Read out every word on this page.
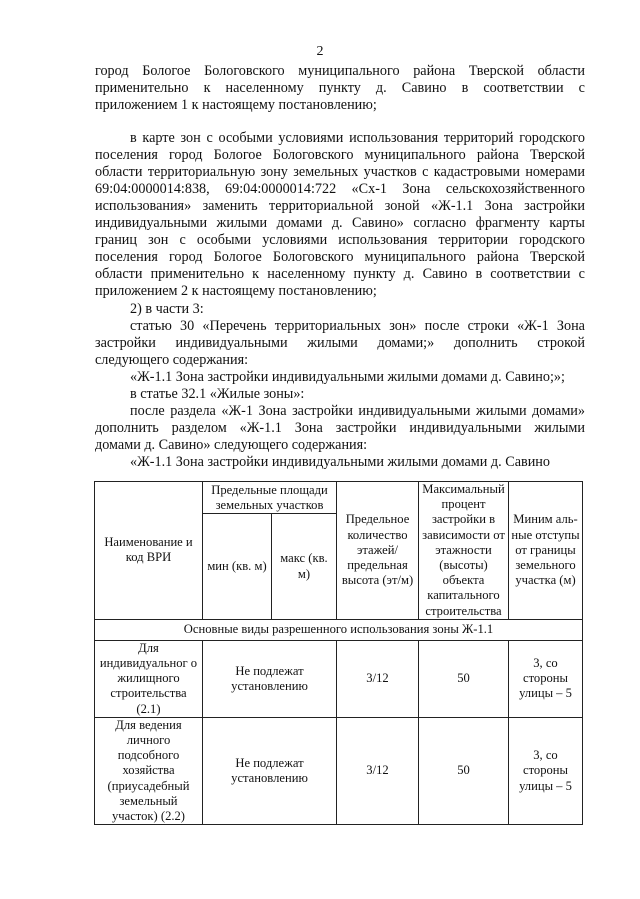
2
город Бологое Бологовского муниципального района Тверской области
применительно к населенному пункту д. Савино в соответствии с
приложением 1 к настоящему постановлению;
в карте зон с особыми условиями использования территорий городского
поселения город Бологое Бологовского муниципального района Тверской
области территориальную зону земельных участков с кадастровыми номерами
69:04:0000014:838, 69:04:0000014:722 «Сх-1 Зона сельскохозяйственного
использования» заменить территориальной зоной «Ж-1.1 Зона застройки
индивидуальными жилыми домами д. Савино» согласно фрагменту карты
границ зон с особыми условиями использования территории городского
поселения город Бологое Бологовского муниципального района Тверской
области применительно к населенному пункту д. Савино в соответствии с
приложением 2 к настоящему постановлению;
2) в части 3:
статью 30 «Перечень территориальных зон» после строки «Ж-1 Зона
застройки индивидуальными жилыми домами;» дополнить строкой
следующего содержания:
«Ж-1.1 Зона застройки индивидуальными жилыми домами д. Савино;»;
в статье 32.1 «Жилые зоны»:
после раздела «Ж-1 Зона застройки индивидуальными жилыми домами»
дополнить разделом «Ж-1.1 Зона застройки индивидуальными жилыми
домами д. Савино» следующего содержания:
«Ж-1.1 Зона застройки индивидуальными жилыми домами д. Савино
Наименование и код ВРИ	Предельные площади земельных участков		Предельное количество этажей/ предельная высота (эт/м)	Максимальный процент застройки в зависимости от этажности (высоты) объекта капитального строительства	Миним аль- ные отступы от границы земельного участка (м)
	мин (кв. м)	макс (кв. м)			
Основные виды разрешенного использования зоны Ж-1.1					
Для индивидуальног о жилищного строительства (2.1)	Не подлежат установлению		3/12	50	3, со стороны улицы – 5
Для ведения личного подсобного хозяйства (приусадебный земельный участок) (2.2)	Не подлежат установлению		3/12	50	3, со стороны улицы – 5
